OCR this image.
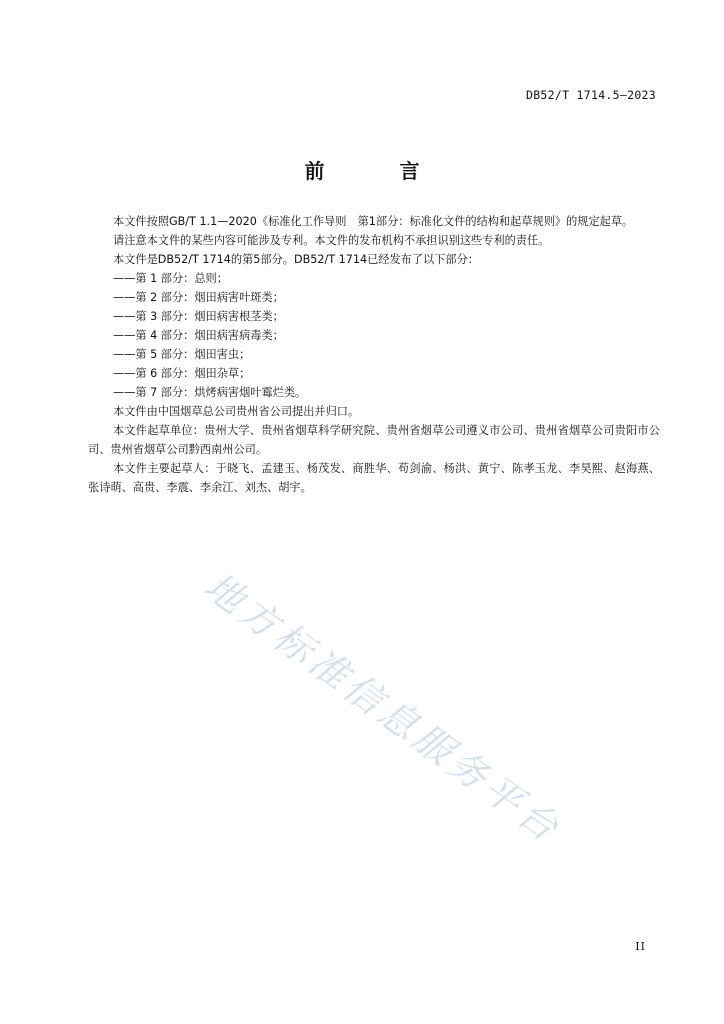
DB52/T 1714.5—2023
前 言

本文件按照GB/T 1.1—2020《标准化工作导则　第1部分：标准化文件的结构和起草规则》的规定起草。

请注意本文件的某些内容可能涉及专利。本文件的发布机构不承担识别这些专利的责任。

本文件是DB52/T 1714的第5部分。DB52/T 1714已经发布了以下部分：

——第 1 部分：总则；

——第 2 部分：烟田病害叶斑类；

——第 3 部分：烟田病害根茎类；

——第 4 部分：烟田病害病毒类；

——第 5 部分：烟田害虫；

——第 6 部分：烟田杂草；

——第 7 部分：烘烤病害烟叶霉烂类。

本文件由中国烟草总公司贵州省公司提出并归口。

本文件起草单位：贵州大学、贵州省烟草科学研究院、贵州省烟草公司遵义市公司、贵州省烟草公司贵阳市公司、贵州省烟草公司黔西南州公司。

本文件主要起草人：于晓飞、孟建玉、杨茂发、商胜华、苟剑渝、杨洪、黄宁、陈孝玉龙、李昊熙、赵海燕、张诗萌、高贵、李震、李余江、刘杰、胡宇。

地方标准信息服务平台
II
